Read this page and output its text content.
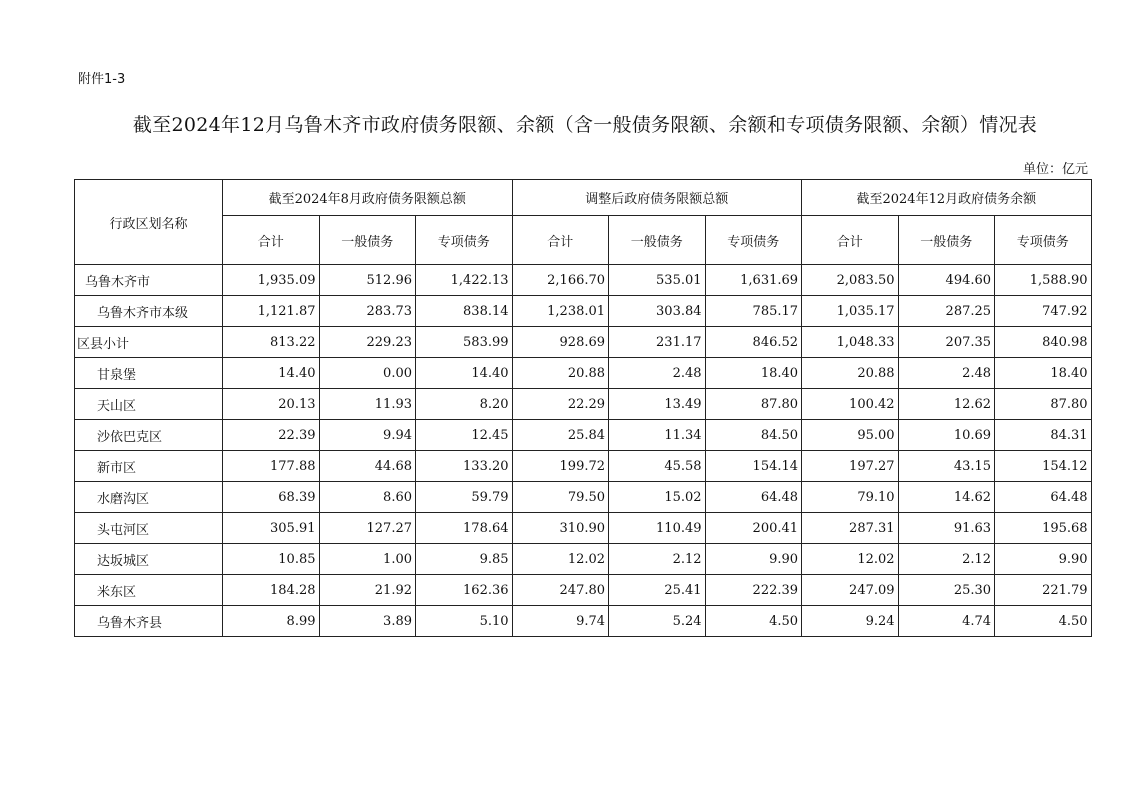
附件1-3
截至2024年12月乌鲁木齐市政府债务限额、余额（含一般债务限额、余额和专项债务限额、余额）情况表
单位：亿元
行政区划名称	截至2024年8月政府债务限额总额			调整后政府债务限额总额			截至2024年12月政府债务余额		
	合计	一般债务	专项债务	合计	一般债务	专项债务	合计	一般债务	专项债务
乌鲁木齐市	1,935.09	512.96	1,422.13	2,166.70	535.01	1,631.69	2,083.50	494.60	1,588.90
乌鲁木齐市本级	1,121.87	283.73	838.14	1,238.01	303.84	785.17	1,035.17	287.25	747.92
区县小计	813.22	229.23	583.99	928.69	231.17	846.52	1,048.33	207.35	840.98
甘泉堡	14.40	0.00	14.40	20.88	2.48	18.40	20.88	2.48	18.40
天山区	20.13	11.93	8.20	22.29	13.49	87.80	100.42	12.62	87.80
沙依巴克区	22.39	9.94	12.45	25.84	11.34	84.50	95.00	10.69	84.31
新市区	177.88	44.68	133.20	199.72	45.58	154.14	197.27	43.15	154.12
水磨沟区	68.39	8.60	59.79	79.50	15.02	64.48	79.10	14.62	64.48
头屯河区	305.91	127.27	178.64	310.90	110.49	200.41	287.31	91.63	195.68
达坂城区	10.85	1.00	9.85	12.02	2.12	9.90	12.02	2.12	9.90
米东区	184.28	21.92	162.36	247.80	25.41	222.39	247.09	25.30	221.79
乌鲁木齐县	8.99	3.89	5.10	9.74	5.24	4.50	9.24	4.74	4.50
